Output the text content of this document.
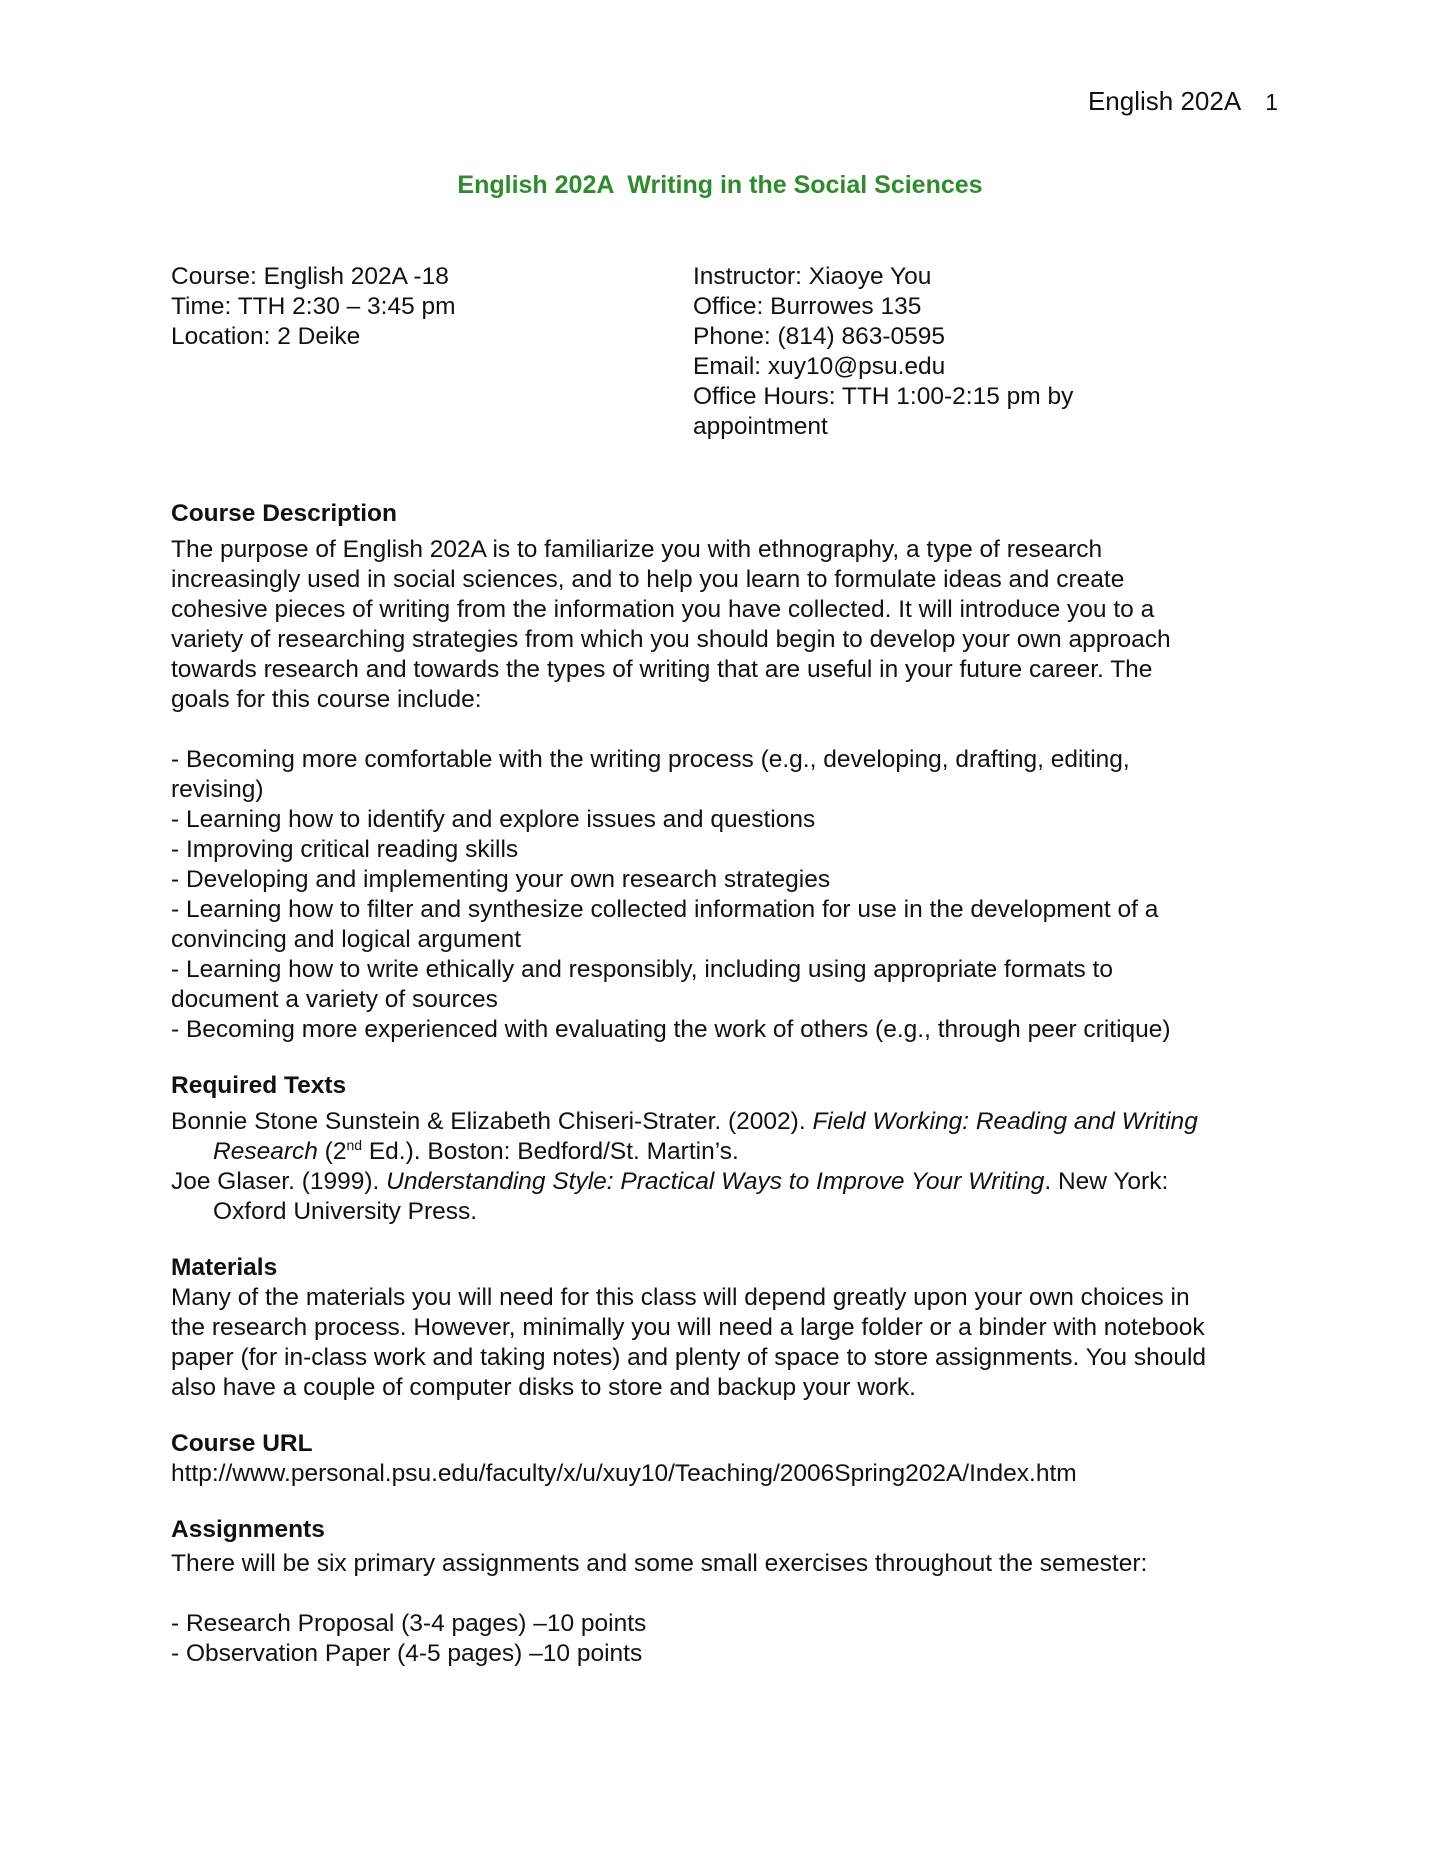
English 202A 1
English 202A  Writing in the Social Sciences
Course: English 202A -18
Time: TTH 2:30 – 3:45 pm
Location: 2 Deike
Instructor: Xiaoye You
Office: Burrowes 135
Phone: (814) 863-0595
Email: xuy10@psu.edu
Office Hours: TTH 1:00-2:15 pm by
appointment
Course Description
The purpose of English 202A is to familiarize you with ethnography, a type of research
increasingly used in social sciences, and to help you learn to formulate ideas and create
cohesive pieces of writing from the information you have collected. It will introduce you to a
variety of researching strategies from which you should begin to develop your own approach
towards research and towards the types of writing that are useful in your future career. The
goals for this course include:
- Becoming more comfortable with the writing process (e.g., developing, drafting, editing,
revising)
- Learning how to identify and explore issues and questions
- Improving critical reading skills
- Developing and implementing your own research strategies
- Learning how to filter and synthesize collected information for use in the development of a
convincing and logical argument
- Learning how to write ethically and responsibly, including using appropriate formats to
document a variety of sources
- Becoming more experienced with evaluating the work of others (e.g., through peer critique)
Required Texts
Bonnie Stone Sunstein & Elizabeth Chiseri-Strater. (2002). Field Working: Reading and Writing
Research (2nd Ed.). Boston: Bedford/St. Martin’s.
Joe Glaser. (1999). Understanding Style: Practical Ways to Improve Your Writing. New York:
Oxford University Press.
Materials
Many of the materials you will need for this class will depend greatly upon your own choices in
the research process. However, minimally you will need a large folder or a binder with notebook
paper (for in-class work and taking notes) and plenty of space to store assignments. You should
also have a couple of computer disks to store and backup your work.
Course URL
http://www.personal.psu.edu/faculty/x/u/xuy10/Teaching/2006Spring202A/Index.htm
Assignments
There will be six primary assignments and some small exercises throughout the semester:
- Research Proposal (3-4 pages) –10 points
- Observation Paper (4-5 pages) –10 points
